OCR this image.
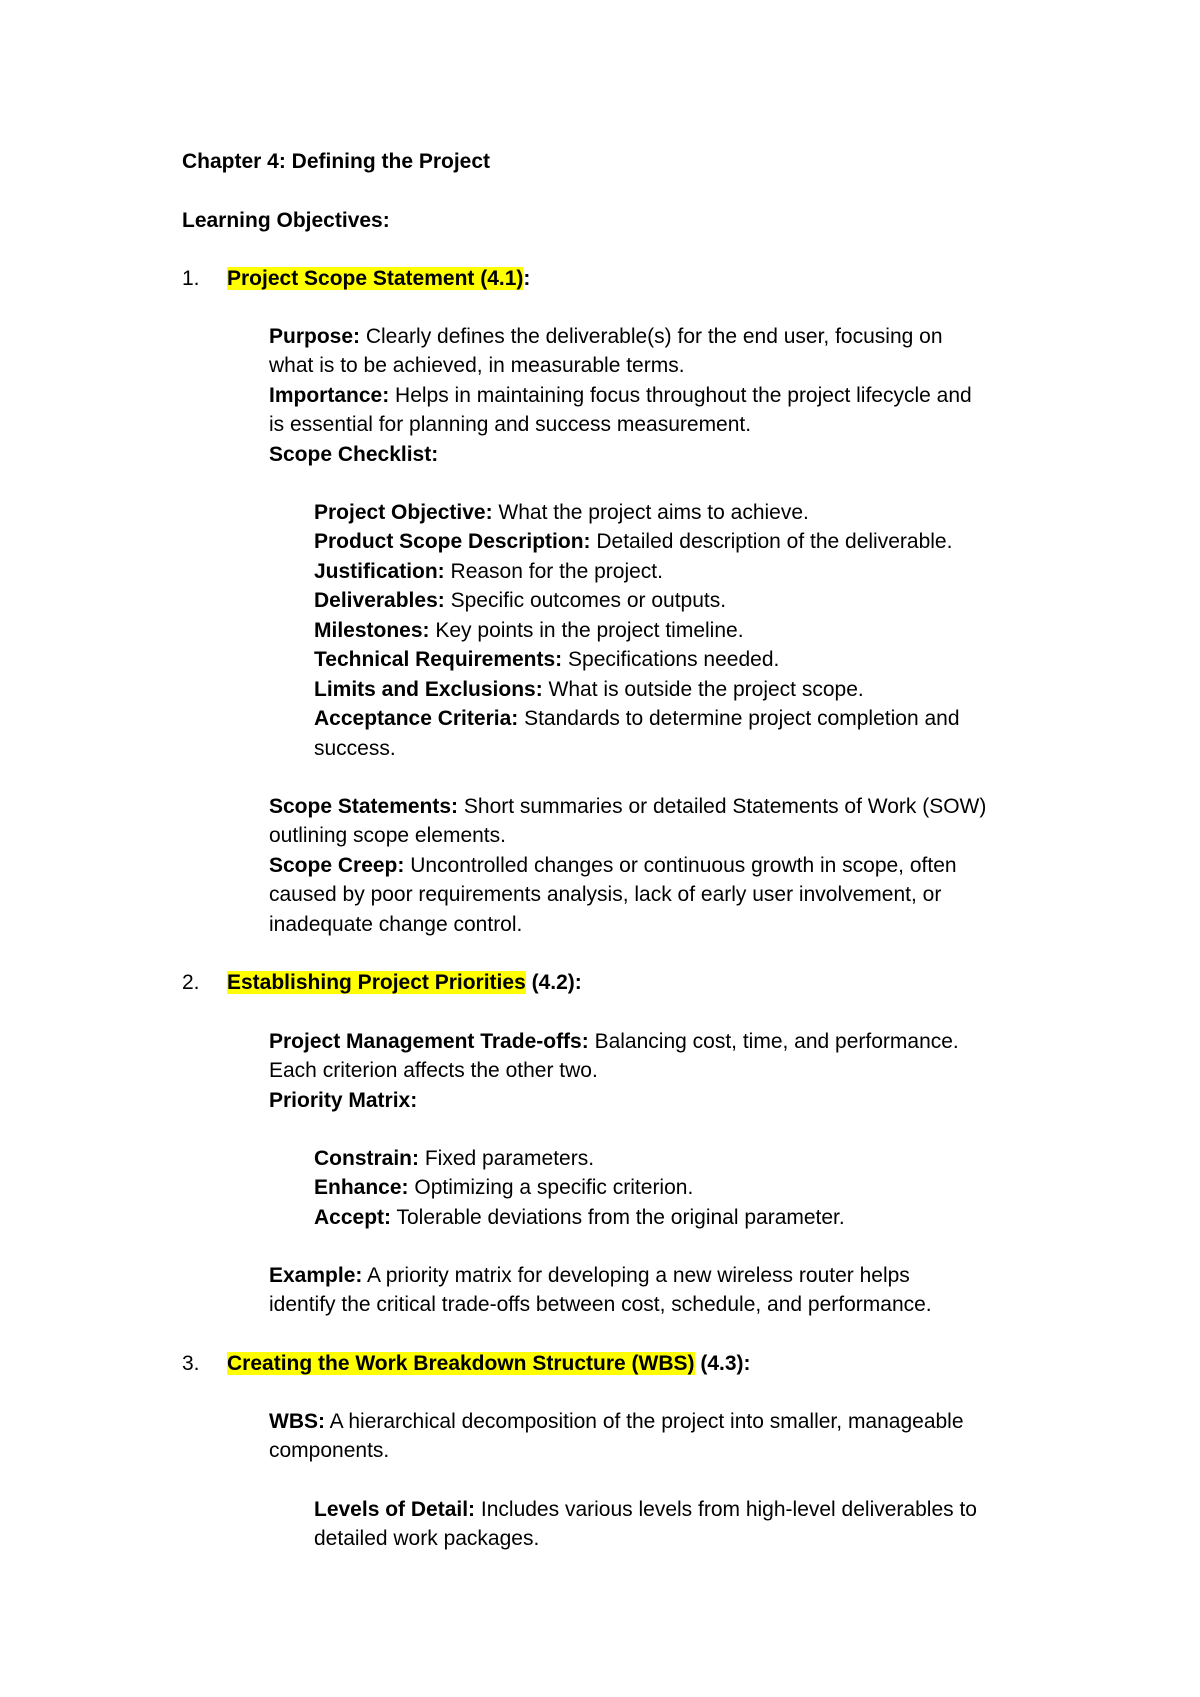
Chapter 4: Defining the Project
Learning Objectives:
1. Project Scope Statement (4.1):
Purpose: Clearly defines the deliverable(s) for the end user, focusing on
what is to be achieved, in measurable terms.
Importance: Helps in maintaining focus throughout the project lifecycle and
is essential for planning and success measurement.
Scope Checklist:
Project Objective: What the project aims to achieve.
Product Scope Description: Detailed description of the deliverable.
Justification: Reason for the project.
Deliverables: Specific outcomes or outputs.
Milestones: Key points in the project timeline.
Technical Requirements: Specifications needed.
Limits and Exclusions: What is outside the project scope.
Acceptance Criteria: Standards to determine project completion and
success.
Scope Statements: Short summaries or detailed Statements of Work (SOW)
outlining scope elements.
Scope Creep: Uncontrolled changes or continuous growth in scope, often
caused by poor requirements analysis, lack of early user involvement, or
inadequate change control.
2. Establishing Project Priorities (4.2):
Project Management Trade-offs: Balancing cost, time, and performance.
Each criterion affects the other two.
Priority Matrix:
Constrain: Fixed parameters.
Enhance: Optimizing a specific criterion.
Accept: Tolerable deviations from the original parameter.
Example: A priority matrix for developing a new wireless router helps
identify the critical trade-offs between cost, schedule, and performance.
3. Creating the Work Breakdown Structure (WBS) (4.3):
WBS: A hierarchical decomposition of the project into smaller, manageable
components.
Levels of Detail: Includes various levels from high-level deliverables to
detailed work packages.
